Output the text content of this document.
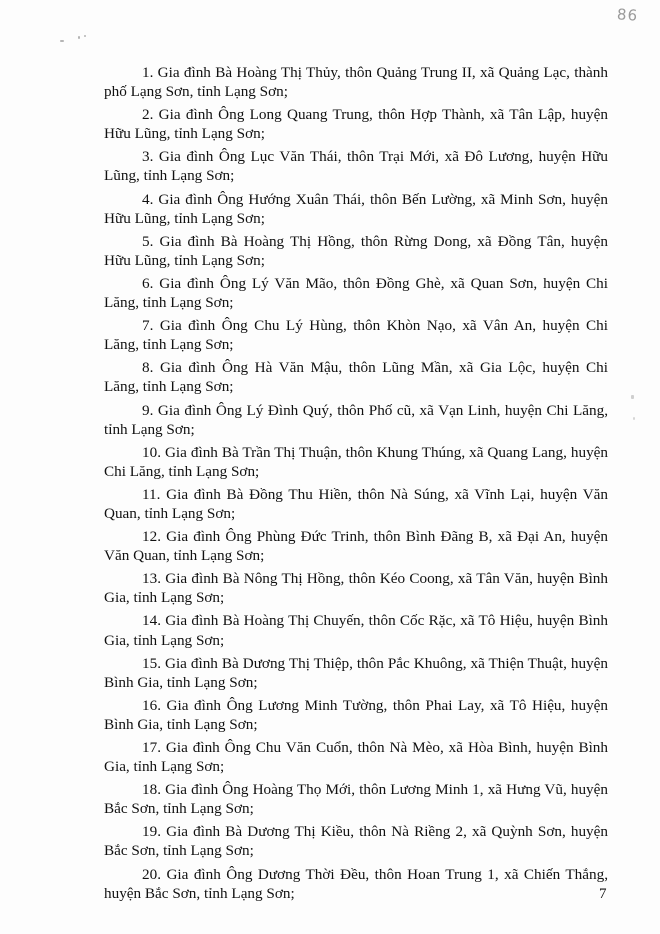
86
1. Gia đình Bà Hoàng Thị Thủy, thôn Quảng Trung II, xã Quảng Lạc, thành phố Lạng Sơn, tỉnh Lạng Sơn;
2. Gia đình Ông Long Quang Trung, thôn Hợp Thành, xã Tân Lập, huyện Hữu Lũng, tỉnh Lạng Sơn;
3. Gia đình Ông Lục Văn Thái, thôn Trại Mới, xã Đô Lương, huyện Hữu Lũng, tỉnh Lạng Sơn;
4. Gia đình Ông Hướng Xuân Thái, thôn Bến Lường, xã Minh Sơn, huyện Hữu Lũng, tỉnh Lạng Sơn;
5. Gia đình Bà Hoàng Thị Hồng, thôn Rừng Dong, xã Đồng Tân, huyện Hữu Lũng, tỉnh Lạng Sơn;
6. Gia đình Ông Lý Văn Mão, thôn Đồng Ghè, xã Quan Sơn, huyện Chi Lăng, tỉnh Lạng Sơn;
7. Gia đình Ông Chu Lý Hùng, thôn Khòn Nạo, xã Vân An, huyện Chi Lăng, tỉnh Lạng Sơn;
8. Gia đình Ông Hà Văn Mậu, thôn Lũng Mần, xã Gia Lộc, huyện Chi Lăng, tỉnh Lạng Sơn;
9. Gia đình Ông Lý Đình Quý, thôn Phố cũ, xã Vạn Linh, huyện Chi Lăng, tỉnh Lạng Sơn;
10. Gia đình Bà Trần Thị Thuận, thôn Khung Thúng, xã Quang Lang, huyện Chi Lăng, tỉnh Lạng Sơn;
11. Gia đình Bà Đồng Thu Hiền, thôn Nà Súng, xã Vĩnh Lại, huyện Văn Quan, tỉnh Lạng Sơn;
12. Gia đình Ông Phùng Đức Trinh, thôn Bình Đãng B, xã Đại An, huyện Văn Quan, tỉnh Lạng Sơn;
13. Gia đình Bà Nông Thị Hồng, thôn Kéo Coong, xã Tân Văn, huyện Bình Gia, tỉnh Lạng Sơn;
14. Gia đình Bà Hoàng Thị Chuyến, thôn Cốc Rặc, xã Tô Hiệu, huyện Bình Gia, tỉnh Lạng Sơn;
15. Gia đình Bà Dương Thị Thiệp, thôn Pắc Khuông, xã Thiện Thuật, huyện Bình Gia, tỉnh Lạng Sơn;
16. Gia đình Ông Lương Minh Tường, thôn Phai Lay, xã Tô Hiệu, huyện Bình Gia, tỉnh Lạng Sơn;
17. Gia đình Ông Chu Văn Cuổn, thôn Nà Mèo, xã Hòa Bình, huyện Bình Gia, tỉnh Lạng Sơn;
18. Gia đình Ông Hoàng Thọ Mới, thôn Lương Minh 1, xã Hưng Vũ, huyện Bắc Sơn, tỉnh Lạng Sơn;
19. Gia đình Bà Dương Thị Kiều, thôn Nà Riềng 2, xã Quỳnh Sơn, huyện Bắc Sơn, tỉnh Lạng Sơn;
20. Gia đình Ông Dương Thời Đều, thôn Hoan Trung 1, xã Chiến Thắng, huyện Bắc Sơn, tỉnh Lạng Sơn;	7
